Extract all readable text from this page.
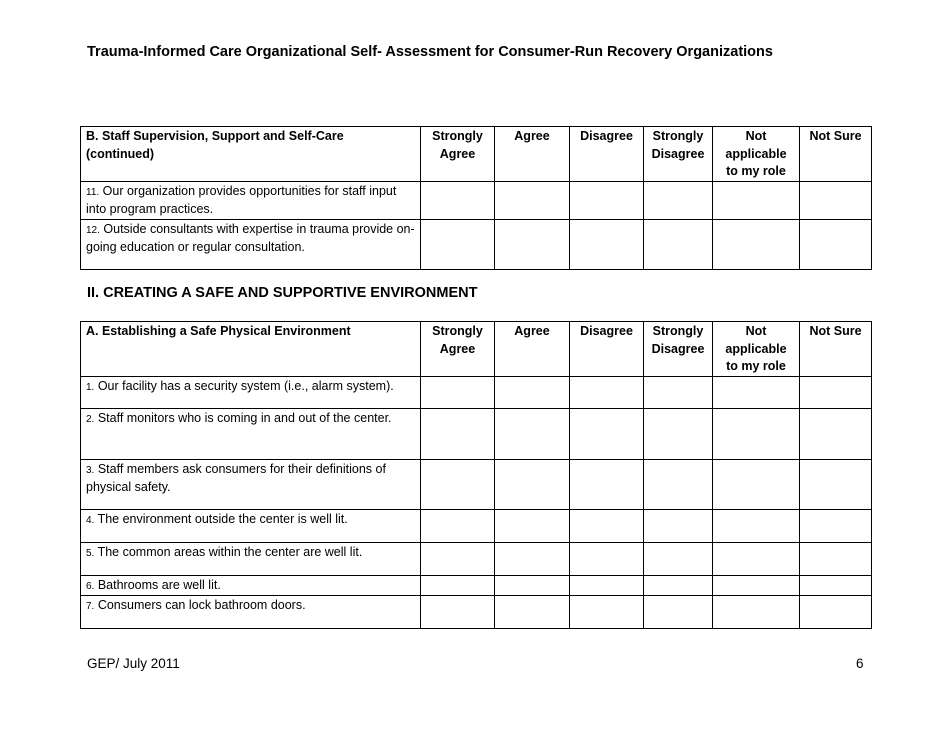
Trauma-Informed Care Organizational Self- Assessment for Consumer-Run Recovery Organizations
B. Staff Supervision, Support and Self-Care (continued)	Strongly Agree	Agree	Disagree	Strongly Disagree	Not applicable to my role	Not Sure
11. Our organization provides opportunities for staff input into program practices.						
12. Outside consultants with expertise in trauma provide on-going education or regular consultation.						
II. CREATING A SAFE AND SUPPORTIVE ENVIRONMENT
A. Establishing a Safe Physical Environment	Strongly Agree	Agree	Disagree	Strongly Disagree	Not applicable to my role	Not Sure
1. Our facility has a security system (i.e., alarm system).						
2. Staff monitors who is coming in and out of the center.						
3. Staff members ask consumers for their definitions of physical safety.						
4. The environment outside the center is well lit.						
5. The common areas within the center are well lit.						
6. Bathrooms are well lit.						
7. Consumers can lock bathroom doors.						
GEP/ July 2011	6
